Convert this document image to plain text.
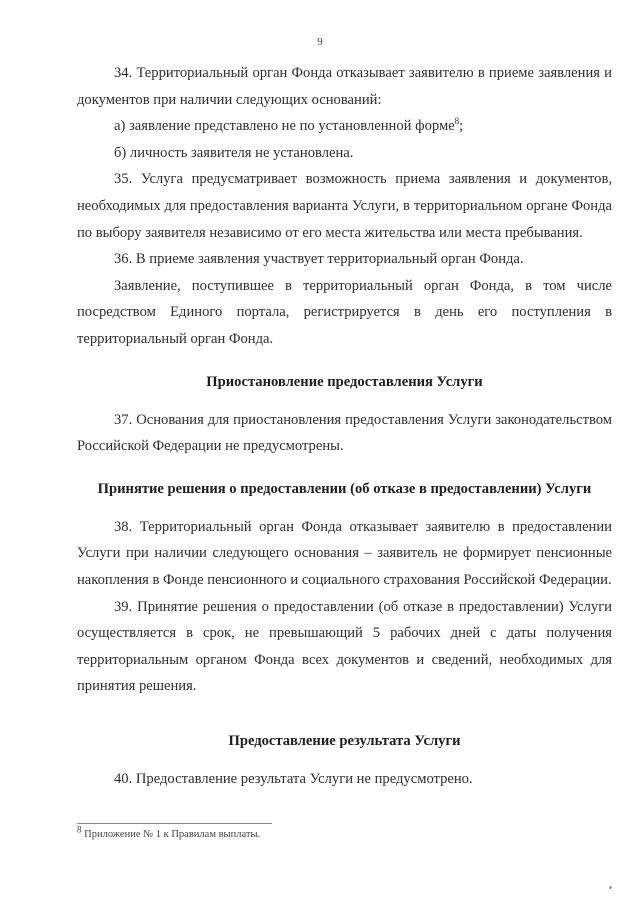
9

34. Территориальный орган Фонда отказывает заявителю в приеме заявления и документов при наличии следующих оснований:

а) заявление представлено не по установленной форме$^8$;

б) личность заявителя не установлена.

35. Услуга предусматривает возможность приема заявления и документов, необходимых для предоставления варианта Услуги, в территориальном органе Фонда по выбору заявителя независимо от его места жительства или места пребывания.

36. В приеме заявления участвует территориальный орган Фонда.

Заявление, поступившее в территориальный орган Фонда, в том числе посредством Единого портала, регистрируется в день его поступления в территориальный орган Фонда.

Приостановление предоставления Услуги

37. Основания для приостановления предоставления Услуги законодательством Российской Федерации не предусмотрены.

Принятие решения о предоставлении (об отказе в предоставлении) Услуги

38. Территориальный орган Фонда отказывает заявителю в предоставлении Услуги при наличии следующего основания – заявитель не формирует пенсионные накопления в Фонде пенсионного и социального страхования Российской Федерации.

39. Принятие решения о предоставлении (об отказе в предоставлении) Услуги осуществляется в срок, не превышающий 5 рабочих дней с даты получения территориальным органом Фонда всех документов и сведений, необходимых для принятия решения.

Предоставление результата Услуги

40. Предоставление результата Услуги не предусмотрено.

$^8$ Приложение № 1 к Правилам выплаты.
